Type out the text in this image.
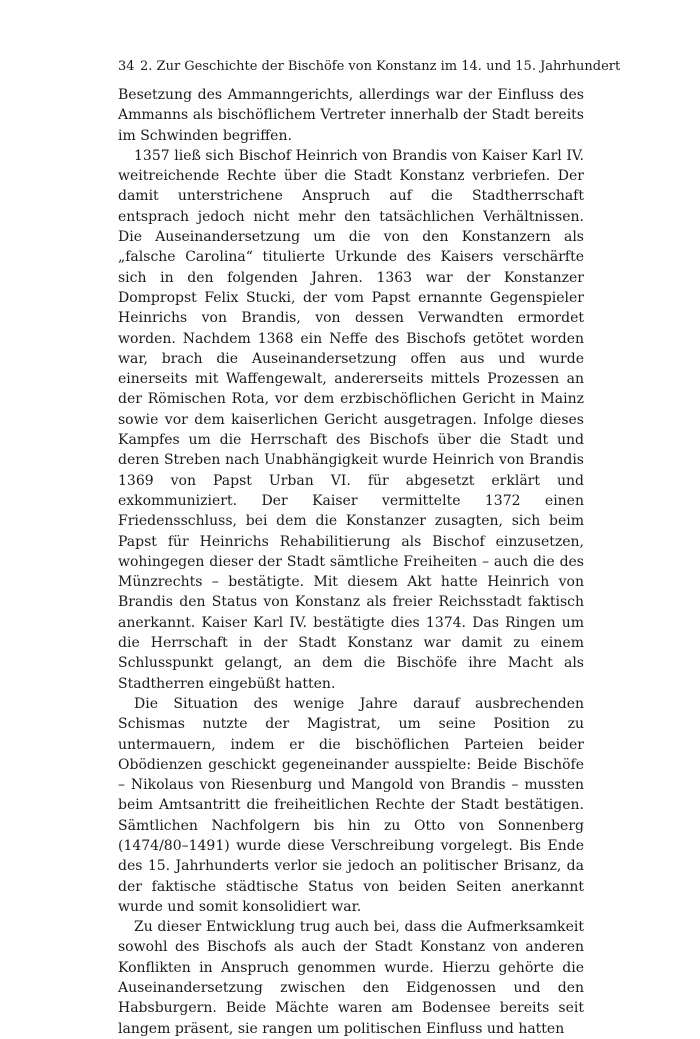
34 2. Zur Geschichte der Bischöfe von Konstanz im 14. und 15. Jahrhundert

Besetzung des Ammanngerichts, allerdings war der Einfluss des Ammanns als bischöflichem Vertreter innerhalb der Stadt bereits im Schwinden begriffen.

1357 ließ sich Bischof Heinrich von Brandis von Kaiser Karl IV. weitreichende Rechte über die Stadt Konstanz verbriefen. Der damit unterstrichene Anspruch auf die Stadtherrschaft entsprach jedoch nicht mehr den tatsächlichen Verhältnissen. Die Auseinandersetzung um die von den Konstanzern als „falsche Carolina“ titulierte Urkunde des Kaisers verschärfte sich in den folgenden Jahren. 1363 war der Konstanzer Dompropst Felix Stucki, der vom Papst ernannte Gegenspieler Heinrichs von Brandis, von dessen Verwandten ermordet worden. Nachdem 1368 ein Neffe des Bischofs getötet worden war, brach die Auseinandersetzung offen aus und wurde einerseits mit Waffengewalt, andererseits mittels Prozessen an der Römischen Rota, vor dem erzbischöflichen Gericht in Mainz sowie vor dem kaiserlichen Gericht ausgetragen. Infolge dieses Kampfes um die Herrschaft des Bischofs über die Stadt und deren Streben nach Unabhängigkeit wurde Heinrich von Brandis 1369 von Papst Urban VI. für abgesetzt erklärt und exkommuniziert. Der Kaiser vermittelte 1372 einen Friedensschluss, bei dem die Konstanzer zusagten, sich beim Papst für Heinrichs Rehabilitierung als Bischof einzusetzen, wohingegen dieser der Stadt sämtliche Freiheiten – auch die des Münzrechts – bestätigte. Mit diesem Akt hatte Heinrich von Brandis den Status von Konstanz als freier Reichsstadt faktisch anerkannt. Kaiser Karl IV. bestätigte dies 1374. Das Ringen um die Herrschaft in der Stadt Konstanz war damit zu einem Schlusspunkt gelangt, an dem die Bischöfe ihre Macht als Stadtherren eingebüßt hatten.

Die Situation des wenige Jahre darauf ausbrechenden Schismas nutzte der Magistrat, um seine Position zu untermauern, indem er die bischöflichen Parteien beider Obödienzen geschickt gegeneinander ausspielte: Beide Bischöfe – Nikolaus von Riesenburg und Mangold von Brandis – mussten beim Amtsantritt die freiheitlichen Rechte der Stadt bestätigen. Sämtlichen Nachfolgern bis hin zu Otto von Sonnenberg (1474/80–1491) wurde diese Verschreibung vorgelegt. Bis Ende des 15. Jahrhunderts verlor sie jedoch an politischer Brisanz, da der faktische städtische Status von beiden Seiten anerkannt wurde und somit konsolidiert war.

Zu dieser Entwicklung trug auch bei, dass die Aufmerksamkeit sowohl des Bischofs als auch der Stadt Konstanz von anderen Konflikten in Anspruch genommen wurde. Hierzu gehörte die Auseinandersetzung zwischen den Eidgenossen und den Habsburgern. Beide Mächte waren am Bodensee bereits seit langem präsent, sie rangen um politischen Einfluss und hatten
